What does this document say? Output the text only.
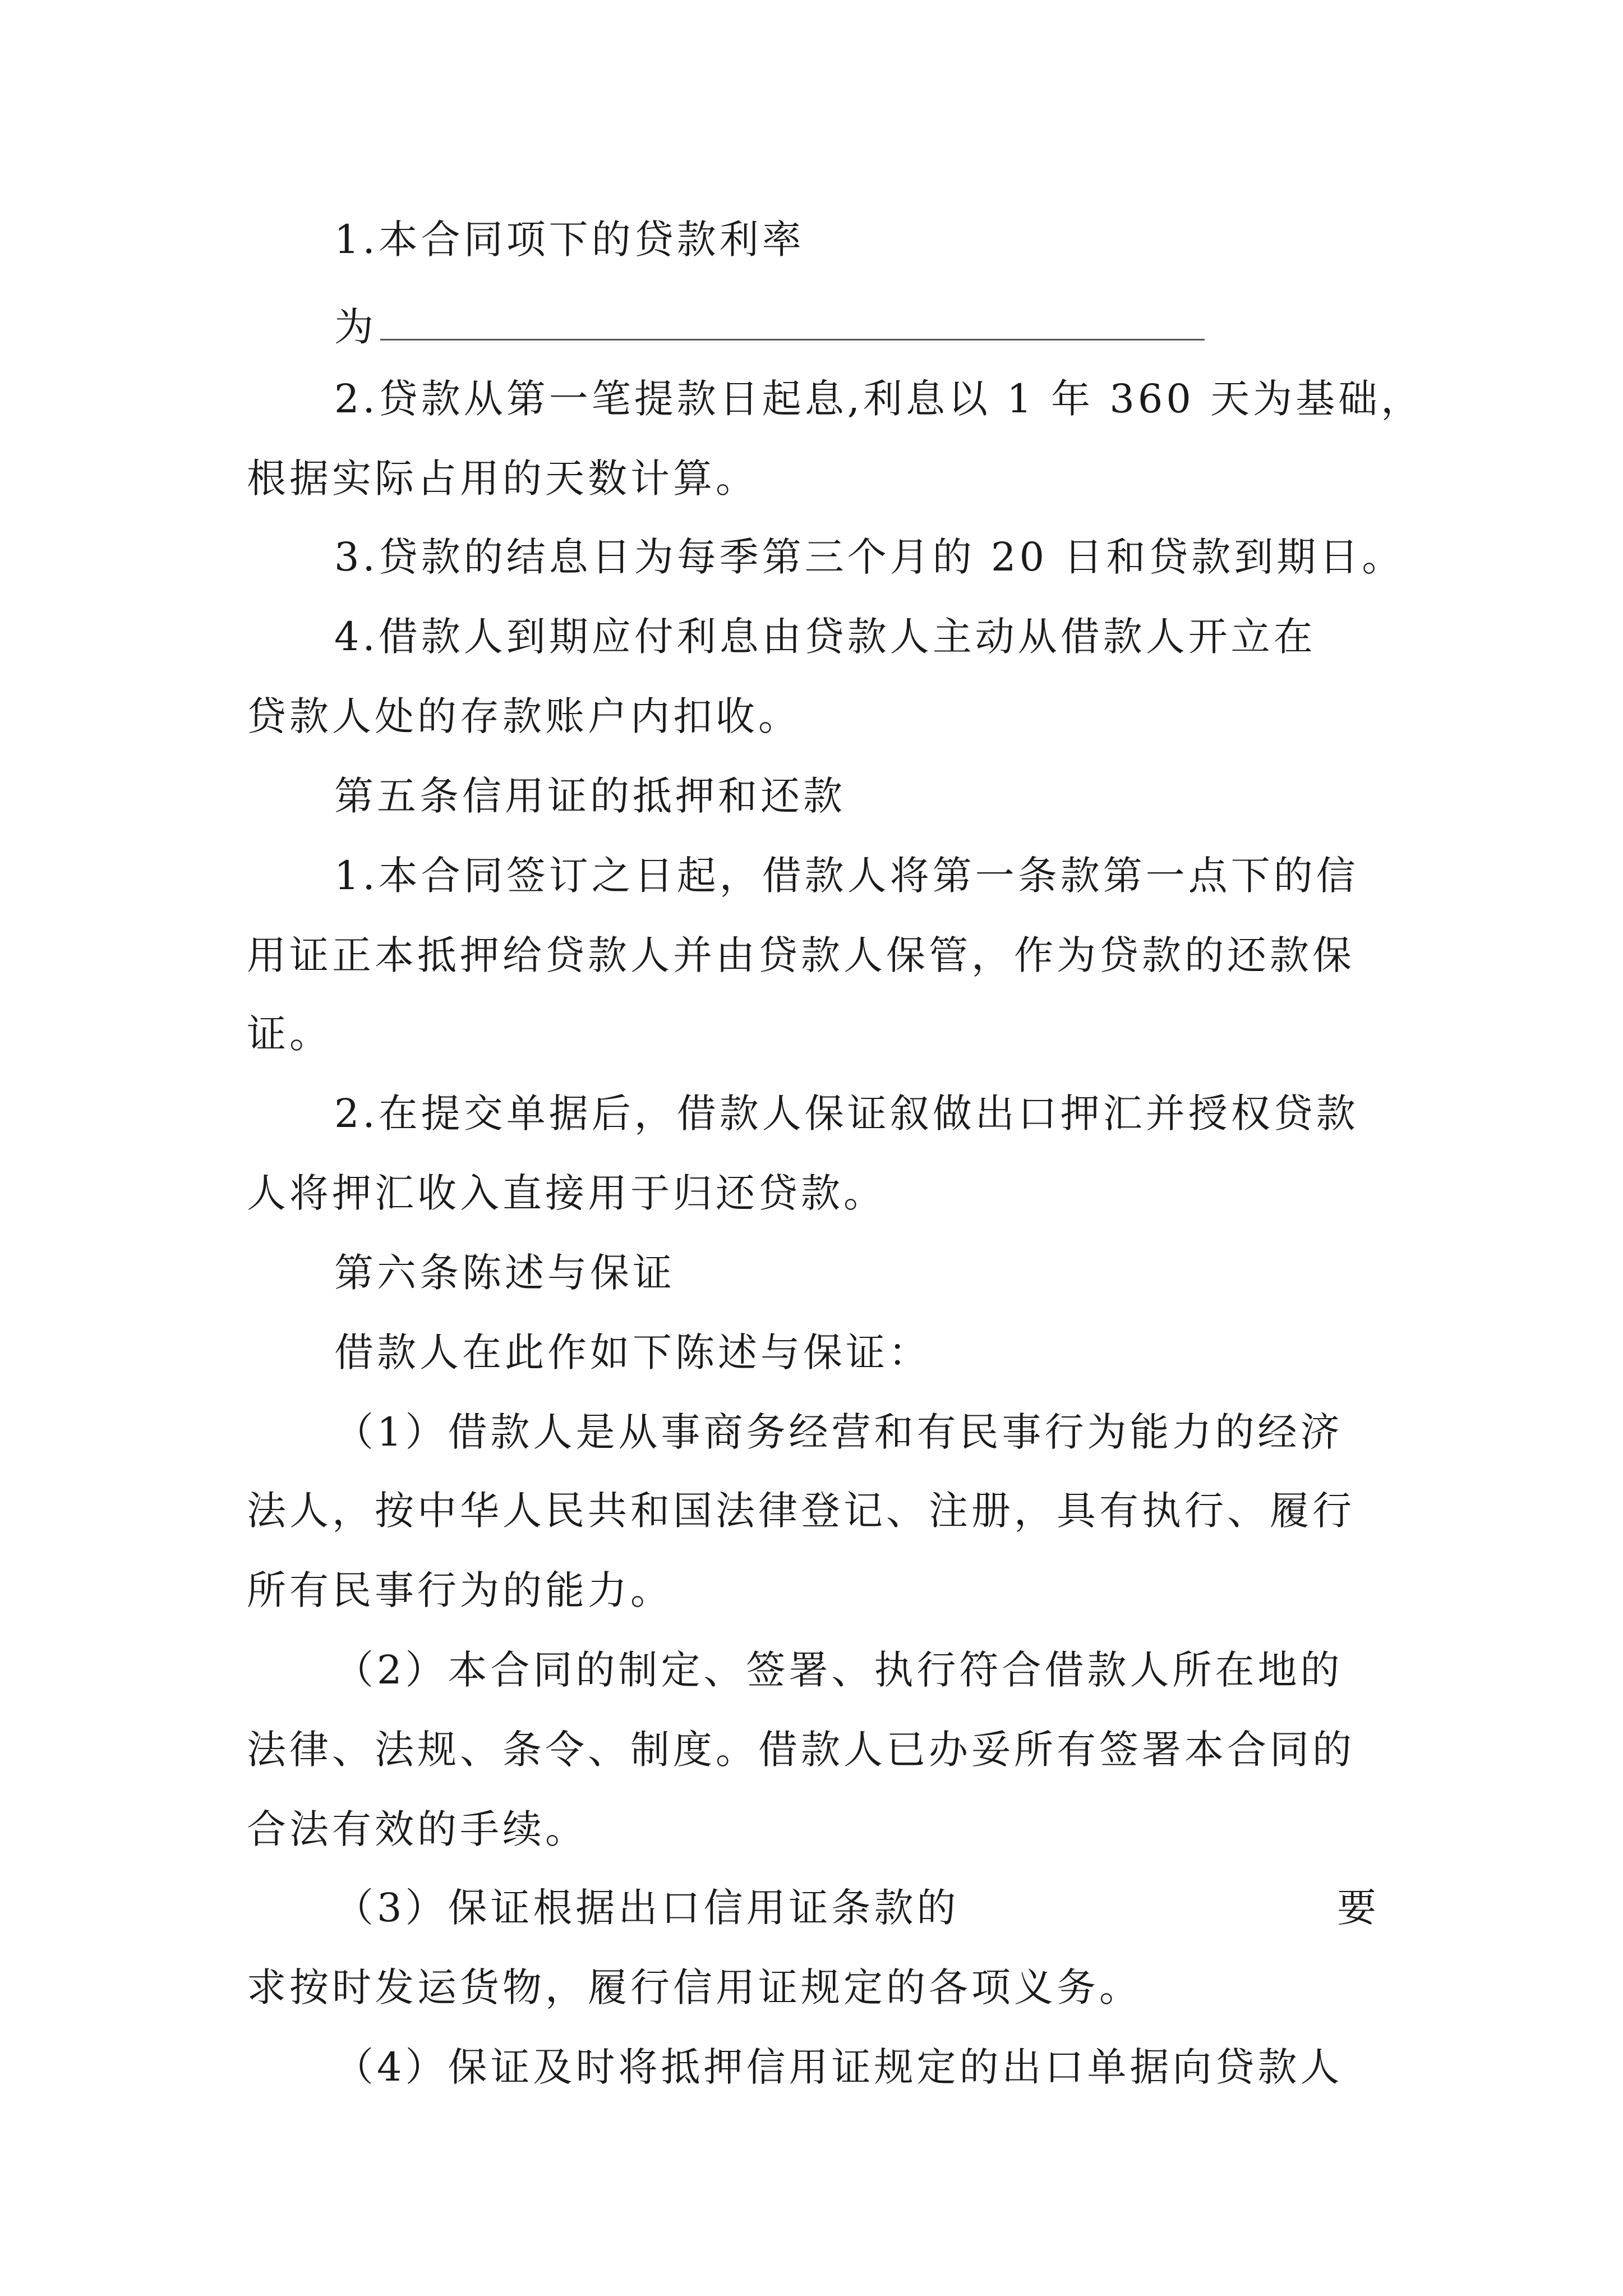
1.本合同项下的贷款利率
为
2.贷款从第一笔提款日起息,利息以 1 年 360 天为基础，
根据实际占用的天数计算。
3.贷款的结息日为每季第三个月的 20 日和贷款到期日。
4.借款人到期应付利息由贷款人主动从借款人开立在
贷款人处的存款账户内扣收。
第五条信用证的抵押和还款
1.本合同签订之日起，借款人将第一条款第一点下的信
用证正本抵押给贷款人并由贷款人保管，作为贷款的还款保
证。
2.在提交单据后，借款人保证叙做出口押汇并授权贷款
人将押汇收入直接用于归还贷款。
第六条陈述与保证
借款人在此作如下陈述与保证：
（1）借款人是从事商务经营和有民事行为能力的经济
法人，按中华人民共和国法律登记、注册，具有执行、履行
所有民事行为的能力。
（2）本合同的制定、签署、执行符合借款人所在地的
法律、法规、条令、制度。借款人已办妥所有签署本合同的
合法有效的手续。
（3）保证根据出口信用证条款的	要
求按时发运货物，履行信用证规定的各项义务。
（4）保证及时将抵押信用证规定的出口单据向贷款人
